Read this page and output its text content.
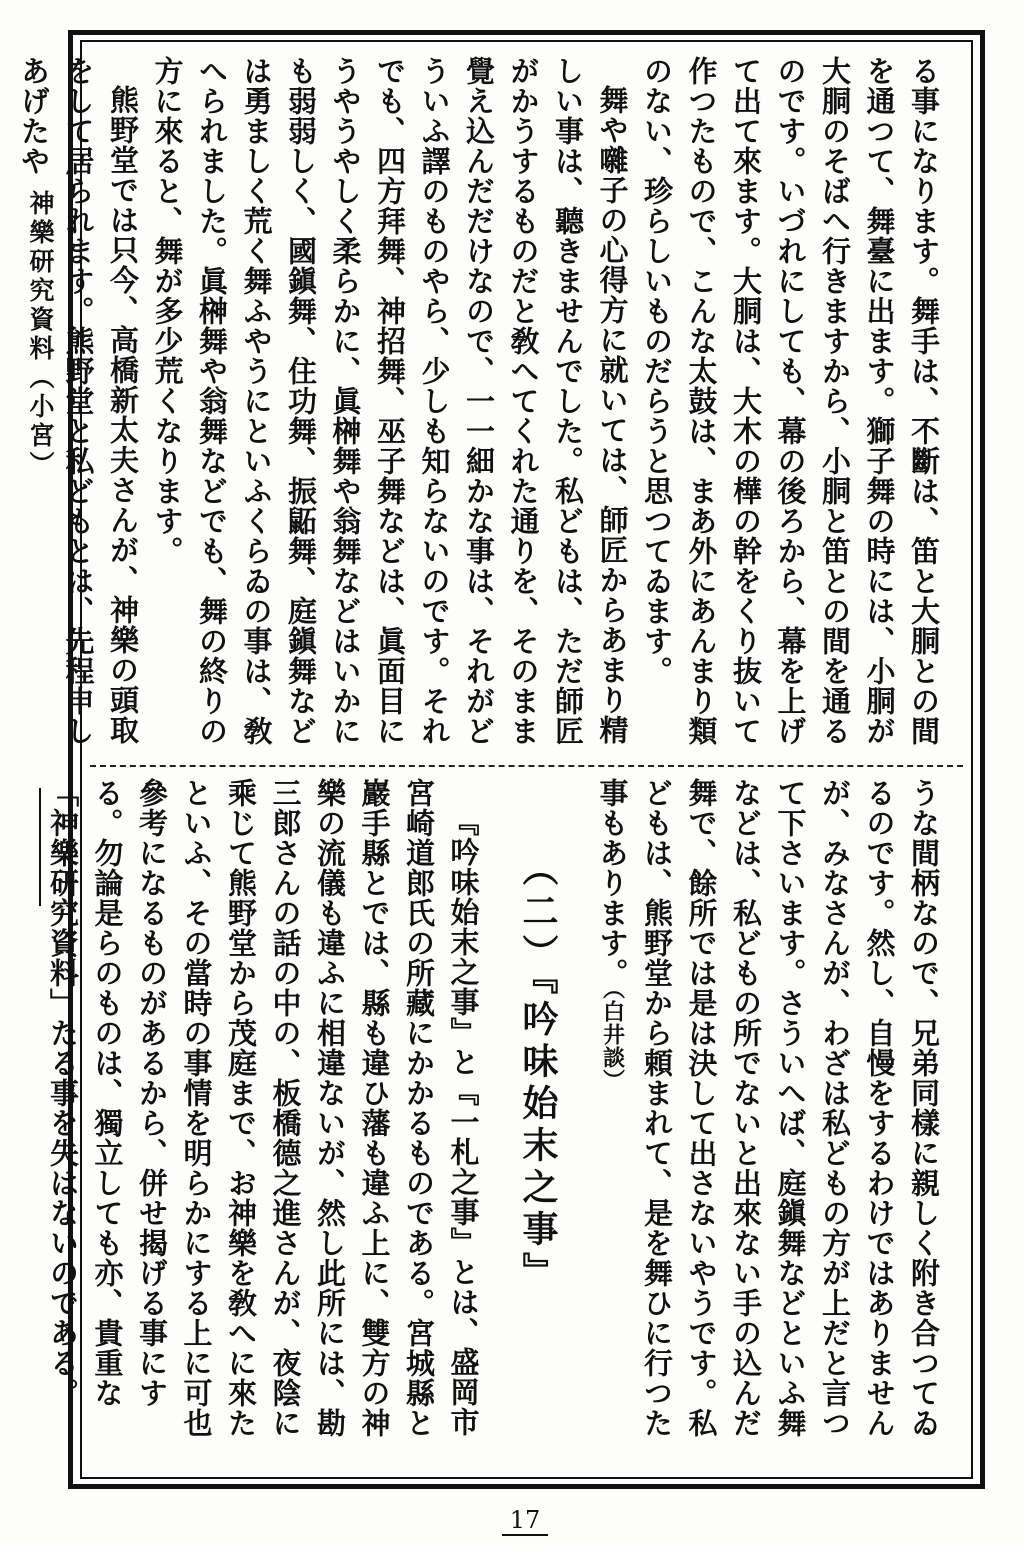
神樂研究資料（小宮）	る事になります。舞手は、不斷は、笛と大胴との間を通つて、舞臺に出ます。獅子舞の時には、小胴が大胴のそばへ行きますから、小胴と笛との間を通るのです。いづれにしても、幕の後ろから、幕を上げて出て來ます。大胴は、大木の樺の幹をくり抜いて作つたもので、こんな太鼓は、まあ外にあんまり類のない、珍らしいものだらうと思つてゐます。

舞や囃子の心得方に就いては、師匠からあまり精しい事は、聽きませんでした。私どもは、ただ師匠がかうするものだと敎へてくれた通りを、そのまま覺え込んだだけなので、一一細かな事は、それがどういふ譯のものやら、少しも知らないのです。それでも、四方拜舞、神招舞、巫子舞などは、眞面目にうやうやしく柔らかに、眞榊舞や翁舞などはいかにも弱弱しく、國鎭舞、住功舞、振鼫舞、庭鎭舞などは勇ましく荒く舞ふやうにといふくらゐの事は、敎へられました。眞榊舞や翁舞などでも、舞の終りの方に來ると、舞が多少荒くなります。

熊野堂では只今、高橋新太夫さんが、神樂の頭取をして居られます。熊野堂と私どもとは、先程申しあげたや

うな間柄なので、兄弟同樣に親しく附き合つてゐるのです。然し、自慢をするわけではありませんが、みなさんが、わざは私どもの方が上だと言つて下さいます。さういへば、庭鎭舞などといふ舞などは、私どもの所でないと出來ない手の込んだ舞で、餘所では是は決して出さないやうです。私どもは、熊野堂から頼まれて、是を舞ひに行つた事もあります。（白井談）

（二）『吟味始末之事』

『吟味始末之事』と『一札之事』とは、盛岡市宮崎道郎氏の所藏にかかるものである。宮城縣と巖手縣とでは、縣も違ひ藩も違ふ上に、雙方の神樂の流儀も違ふに相違ないが、然し此所には、勘三郎さんの話の中の、板橋德之進さんが、夜陰に乘じて熊野堂から茂庭まで、お神樂を敎へに來たといふ、その當時の事情を明らかにする上に可也參考になるものがあるから、併せ揭げる事にする。勿論是らのものは、獨立しても亦、貴重な「神樂研究資料」たる事を失はないのである。

17
